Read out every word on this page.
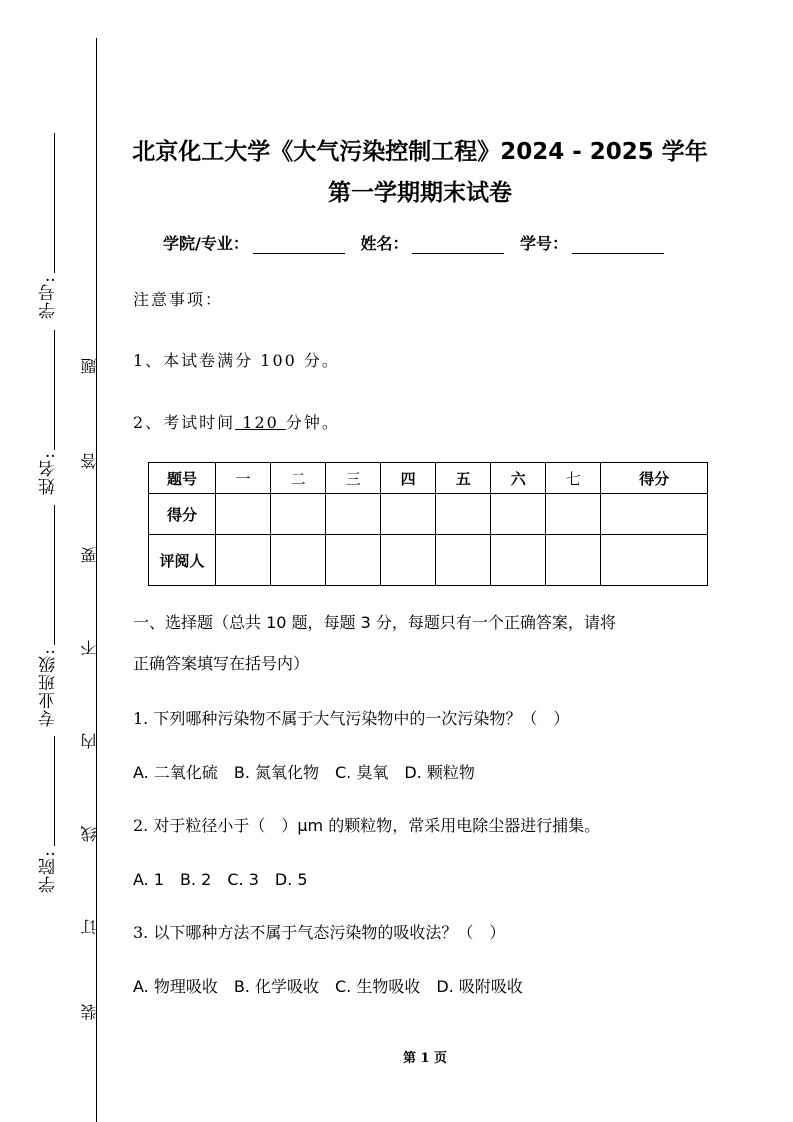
学号:
姓名:
专业班级:
学院:
题
答
要
不
内
线
订
装
北京化工大学《大气污染控制工程》2024 - 2025 学年
第一学期期末试卷
学院/专业：	姓名：	学号：
注意事项：
1、本试卷满分 100 分。
2、考试时间 120 分钟。
题号	一	二	三	四	五	六	七	得分
得分								
评阅人								
一、选择题（总共 10 题，每题 3 分，每题只有一个正确答案，请将
正确答案填写在括号内）
1. 下列哪种污染物不属于大气污染物中的一次污染物？（　）
A. 二氧化硫　B. 氮氧化物　C. 臭氧　D. 颗粒物
2. 对于粒径小于（　）μm 的颗粒物，常采用电除尘器进行捕集。
A. 1　B. 2　C. 3　D. 5
3. 以下哪种方法不属于气态污染物的吸收法？（　）
A. 物理吸收　B. 化学吸收　C. 生物吸收　D. 吸附吸收
第 1 页
